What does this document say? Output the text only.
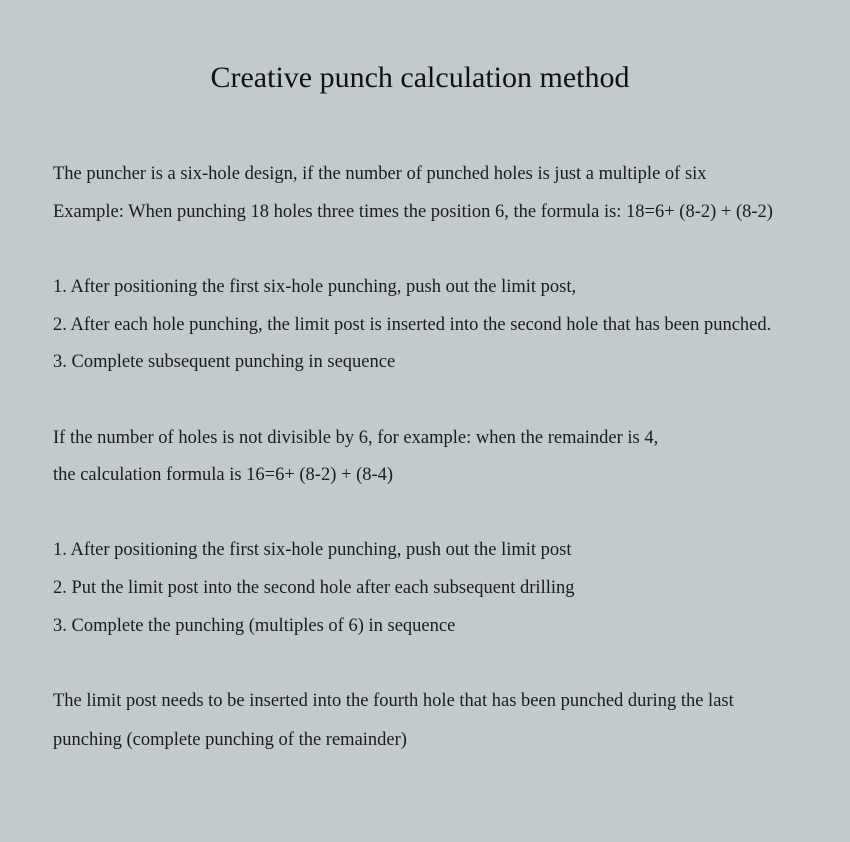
Creative punch calculation method
The puncher is a six-hole design, if the number of punched holes is just a multiple of six
Example: When punching 18 holes three times the position 6, the formula is: 18=6+ (8-2) + (8-2)
1. After positioning the first six-hole punching, push out the limit post,
2. After each hole punching, the limit post is inserted into the second hole that has been punched.
3. Complete subsequent punching in sequence
If the number of holes is not divisible by 6, for example: when the remainder is 4,
the calculation formula is 16=6+ (8-2) + (8-4)
1. After positioning the first six-hole punching, push out the limit post
2. Put the limit post into the second hole after each subsequent drilling
3. Complete the punching (multiples of 6) in sequence
The limit post needs to be inserted into the fourth hole that has been punched during the last
punching (complete punching of the remainder)
